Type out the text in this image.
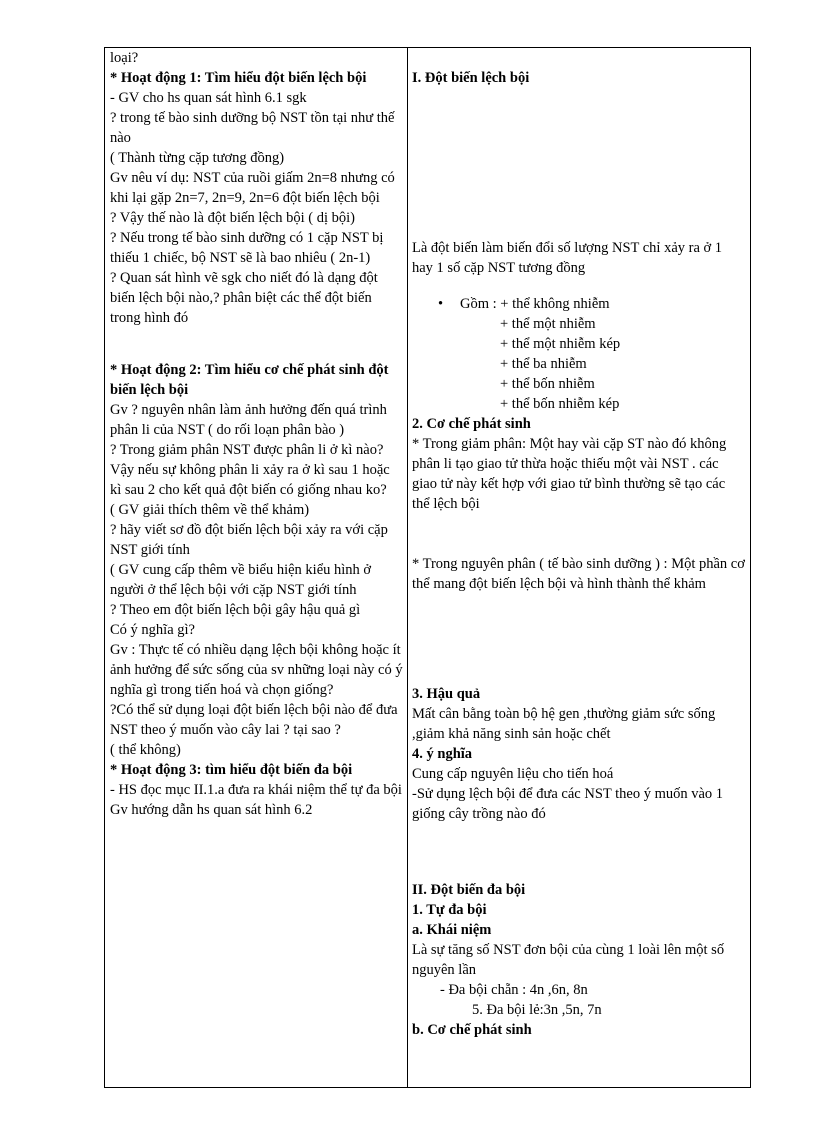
loại?

* Hoạt động 1: Tìm hiểu đột biến lệch bội

- GV cho hs quan sát hình 6.1 sgk

? trong tế bào sinh dưỡng bộ NST tồn tại như thế nào

( Thành từng cặp tương đồng)

Gv nêu ví dụ: NST của ruồi giấm 2n=8 nhưng có khi lại gặp 2n=7, 2n=9, 2n=6 đột biến lệch bội

? Vậy thế nào là đột biến lệch bội ( dị bội)

? Nếu trong tế bào sinh dưỡng có 1 cặp NST bị thiếu 1 chiếc, bộ NST sẽ là bao nhiêu ( 2n-1)

? Quan sát hình vẽ sgk cho niết đó là dạng đột biến lệch bội nào,? phân biệt các thể đột biến trong hình đó

* Hoạt động 2: Tìm hiểu cơ chế phát sinh đột biến lệch bội

Gv ? nguyên nhân làm ảnh hưởng đến quá trình phân li của NST ( do rối loạn phân bào )

? Trong giảm phân NST được phân li ở kì nào?

Vậy nếu sự không phân li xảy ra ở kì sau 1 hoặc kì sau 2 cho kết quả đột biến có giống nhau ko?

( GV giải thích thêm về thể khảm)

? hãy viết sơ đồ đột biến lệch bội xảy ra với cặp NST giới tính

( GV cung cấp thêm về biểu hiện kiểu hình ở người ở thể lệch bội với cặp NST giới tính

? Theo em đột biến lệch bội gây hậu quả gì

Có ý nghĩa gì?

Gv : Thực tế có nhiều dạng lệch bội không hoặc ít ảnh hưởng để sức sống của sv những loại này có ý nghĩa gì trong tiến hoá và chọn giống?

?Có thể sử dụng loại đột biến lệch bội nào để đưa NST theo ý muốn vào cây lai ? tại sao ?

( thể không)

* Hoạt động 3: tìm hiểu đột biến đa bội

- HS đọc mục II.1.a đưa ra khái niệm thể tự đa bội

Gv hướng dẫn hs quan sát hình 6.2

I. Đột biến lệch bội

Là đột biến làm biến đổi số lượng NST chỉ xảy ra ở 1 hay 1 số cặp NST tương đồng

• Gồm : + thể không nhiễm

+ thể một nhiễm

+ thể một nhiễm kép

+ thể ba nhiễm

+ thể bốn nhiễm

+ thể bốn nhiễm kép

2. Cơ chế phát sinh

* Trong giảm phân: Một hay vài cặp ST nào đó không phân li tạo giao tử thừa hoặc thiếu một vài NST . các giao tử này kết hợp với giao tử bình thường sẽ tạo các thể lệch bội

* Trong nguyên phân ( tế bào sinh dưỡng ) : Một phần cơ thể mang đột biến lệch bội và hình thành thể khảm

3. Hậu quả

Mất cân bằng toàn bộ hệ gen ,thường giảm sức sống ,giảm khả năng sinh sản hoặc chết

4. ý nghĩa

Cung cấp nguyên liệu cho tiến hoá

-Sử dụng lệch bội để đưa các NST theo ý muốn vào 1 giống cây trồng nào đó

II. Đột biến đa bội

1. Tự đa bội

a. Khái niệm

Là sự tăng số NST đơn bội của cùng 1 loài lên một số nguyên lần

- Đa bội chẵn : 4n ,6n, 8n

5. Đa bội lẻ:3n ,5n, 7n

b. Cơ chế phát sinh
